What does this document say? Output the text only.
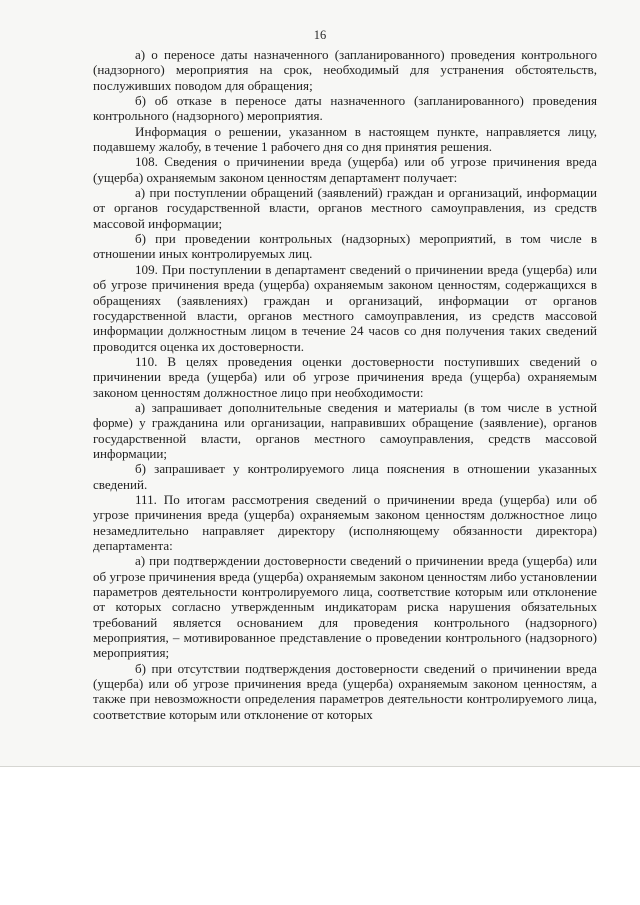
16

а) о переносе даты назначенного (запланированного) проведения контрольного (надзорного) мероприятия на срок, необходимый для устранения обстоятельств, послуживших поводом для обращения;

б) об отказе в переносе даты назначенного (запланированного) проведения контрольного (надзорного) мероприятия.

Информация о решении, указанном в настоящем пункте, направляется лицу, подавшему жалобу, в течение 1 рабочего дня со дня принятия решения.

108. Сведения о причинении вреда (ущерба) или об угрозе причинения вреда (ущерба) охраняемым законом ценностям департамент получает:

а) при поступлении обращений (заявлений) граждан и организаций, информации от органов государственной власти, органов местного самоуправления, из средств массовой информации;

б) при проведении контрольных (надзорных) мероприятий, в том числе в отношении иных контролируемых лиц.

109. При поступлении в департамент сведений о причинении вреда (ущерба) или об угрозе причинения вреда (ущерба) охраняемым законом ценностям, содержащихся в обращениях (заявлениях) граждан и организаций, информации от органов государственной власти, органов местного самоуправления, из средств массовой информации должностным лицом в течение 24 часов со дня получения таких сведений проводится оценка их достоверности.

110. В целях проведения оценки достоверности поступивших сведений о причинении вреда (ущерба) или об угрозе причинения вреда (ущерба) охраняемым законом ценностям должностное лицо при необходимости:

а) запрашивает дополнительные сведения и материалы (в том числе в устной форме) у гражданина или организации, направивших обращение (заявление), органов государственной власти, органов местного самоуправления, средств массовой информации;

б) запрашивает у контролируемого лица пояснения в отношении указанных сведений.

111. По итогам рассмотрения сведений о причинении вреда (ущерба) или об угрозе причинения вреда (ущерба) охраняемым законом ценностям должностное лицо незамедлительно направляет директору (исполняющему обязанности директора) департамента:

а) при подтверждении достоверности сведений о причинении вреда (ущерба) или об угрозе причинения вреда (ущерба) охраняемым законом ценностям либо установлении параметров деятельности контролируемого лица, соответствие которым или отклонение от которых согласно утвержденным индикаторам риска нарушения обязательных требований является основанием для проведения контрольного (надзорного) мероприятия, – мотивированное представление о проведении контрольного (надзорного) мероприятия;

б) при отсутствии подтверждения достоверности сведений о причинении вреда (ущерба) или об угрозе причинения вреда (ущерба) охраняемым законом ценностям, а также при невозможности определения параметров деятельности контролируемого лица, соответствие которым или отклонение от которых
